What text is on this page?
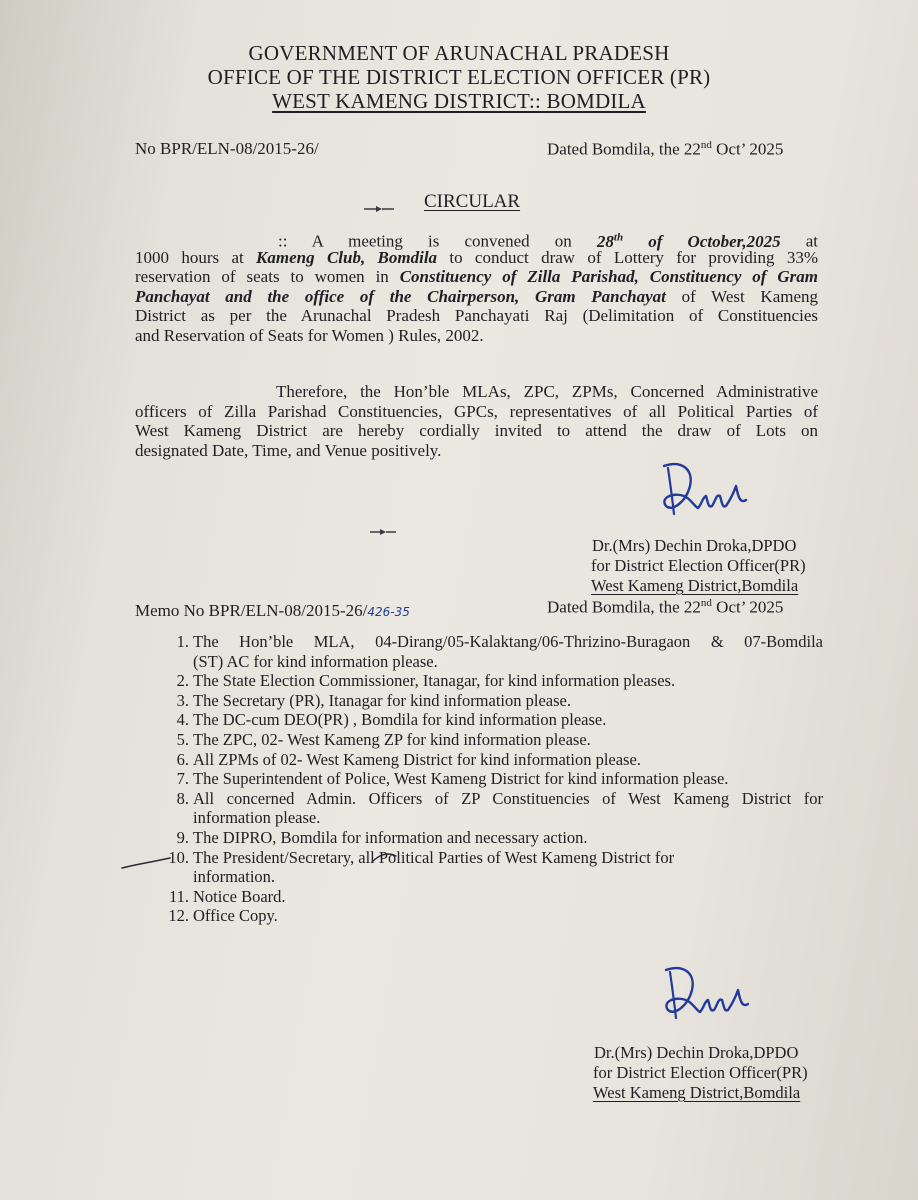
GOVERNMENT OF ARUNACHAL PRADESH
OFFICE OF THE DISTRICT ELECTION OFFICER (PR)
WEST KAMENG DISTRICT:: BOMDILA
No BPR/ELN-08/2015-26/	Dated Bomdila, the 22nd Oct’ 2025
CIRCULAR
:: A meeting is convened on 28th of October,2025 at
1000 hours at Kameng Club, Bomdila to conduct draw of Lottery for providing 33%
reservation of seats to women in Constituency of Zilla Parishad, Constituency of Gram
Panchayat and the office of the Chairperson, Gram Panchayat of West Kameng
District as per the Arunachal Pradesh Panchayati Raj (Delimitation of Constituencies
and Reservation of Seats for Women ) Rules, 2002.
Therefore, the Hon’ble MLAs, ZPC, ZPMs, Concerned Administrative
officers of Zilla Parishad Constituencies, GPCs, representatives of all Political Parties of
West Kameng District are hereby cordially invited to attend the draw of Lots on
designated Date, Time, and Venue positively.
Dr.(Mrs) Dechin Droka,DPDO
for District Election Officer(PR)
West Kameng District,Bomdila
Memo No BPR/ELN-08/2015-26/426-35	Dated Bomdila, the 22nd Oct’ 2025
1. The Hon’ble MLA, 04-Dirang/05-Kalaktang/06-Thrizino-Buragaon & 07-Bomdila
(ST) AC for kind information please.
2. The State Election Commissioner, Itanagar, for kind information pleases.
3. The Secretary (PR), Itanagar for kind information please.
4. The DC-cum DEO(PR) , Bomdila for kind information please.
5. The ZPC, 02- West Kameng ZP for kind information please.
6. All ZPMs of 02- West Kameng District for kind information please.
7. The Superintendent of Police, West Kameng District for kind information please.
8. All concerned Admin. Officers of ZP Constituencies of West Kameng District for
information please.
9. The DIPRO, Bomdila for information and necessary action.
10. The President/Secretary, all Political Parties of West Kameng District for
information.
11. Notice Board.
12. Office Copy.
Dr.(Mrs) Dechin Droka,DPDO
for District Election Officer(PR)
West Kameng District,Bomdila
